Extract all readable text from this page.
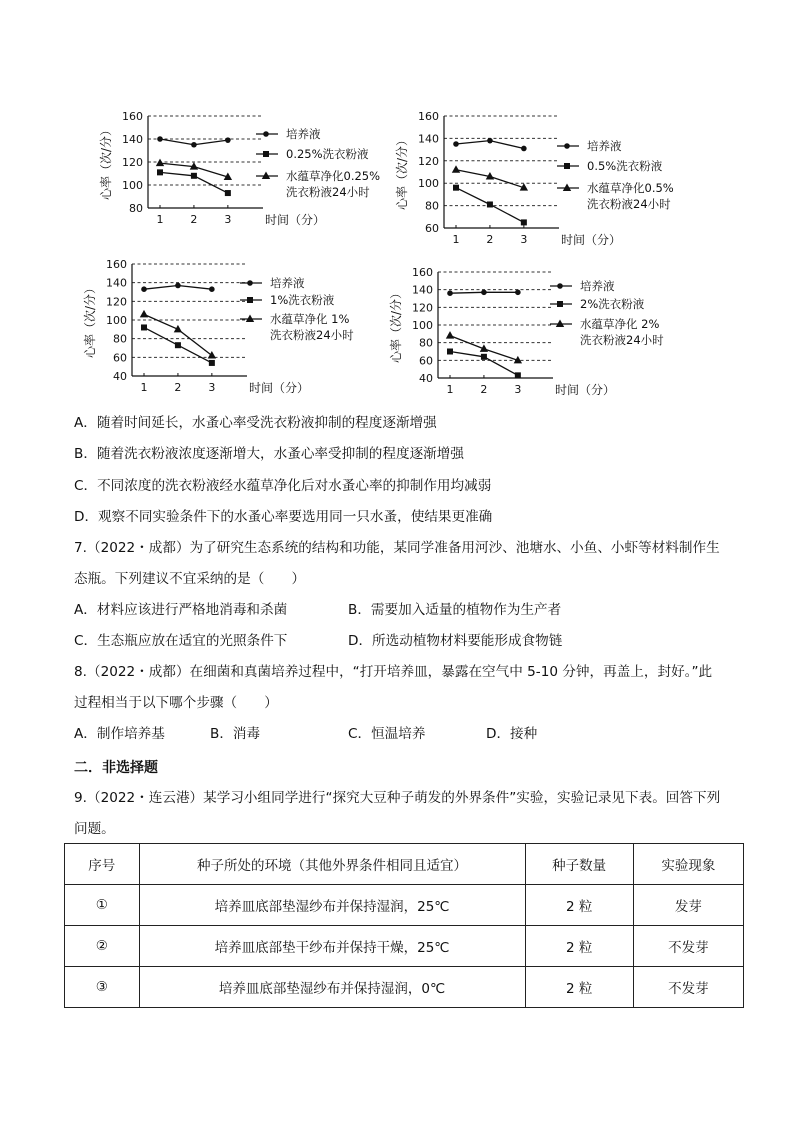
80
100
120
140
160
1 2 3	时间（分）
心率（次/分）	培养液
0.25%洗衣粉液
水蕴草净化0.25%
洗衣粉液24小时
60
80
100
120
140
160
1 2 3	时间（分）
心率（次/分）	培养液
0.5%洗衣粉液
水蕴草净化0.5%
洗衣粉液24小时
40
60
80
100
120
140
160
1 2 3	时间（分）
心率（次/分）	培养液
1%洗衣粉液
水蕴草净化 1%
洗衣粉液24小时
40
60
80
100
120
140
160
1 2 3	时间（分）
心率（次/分）
培养液
2%洗衣粉液
水蕴草净化 2%
洗衣粉液24小时
A．随着时间延长，水蚤心率受洗衣粉液抑制的程度逐渐增强
B．随着洗衣粉液浓度逐渐增大，水蚤心率受抑制的程度逐渐增强
C．不同浓度的洗衣粉液经水蕴草净化后对水蚤心率的抑制作用均减弱
D．观察不同实验条件下的水蚤心率要选用同一只水蚤，使结果更准确
7.（2022・成都）为了研究生态系统的结构和功能，某同学准备用河沙、池塘水、小鱼、小虾等材料制作生
态瓶。下列建议不宜采纳的是（　　）
A．材料应该进行严格地消毒和杀菌	B．需要加入适量的植物作为生产者
C．生态瓶应放在适宜的光照条件下	D．所选动植物材料要能形成食物链
8.（2022・成都）在细菌和真菌培养过程中，“打开培养皿，暴露在空气中 5-10 分钟，再盖上，封好。”此
过程相当于以下哪个步骤（　　）
A．制作培养基	B．消毒	C．恒温培养	D．接种
二．非选择题
9.（2022・连云港）某学习小组同学进行“探究大豆种子萌发的外界条件”实验，实验记录见下表。回答下列
问题。
序号	种子所处的环境（其他外界条件相同且适宜）	种子数量	实验现象
①	培养皿底部垫湿纱布并保持湿润，25℃	2 粒	发芽
②	培养皿底部垫干纱布并保持干燥，25℃	2 粒	不发芽
③	培养皿底部垫湿纱布并保持湿润，0℃	2 粒	不发芽
